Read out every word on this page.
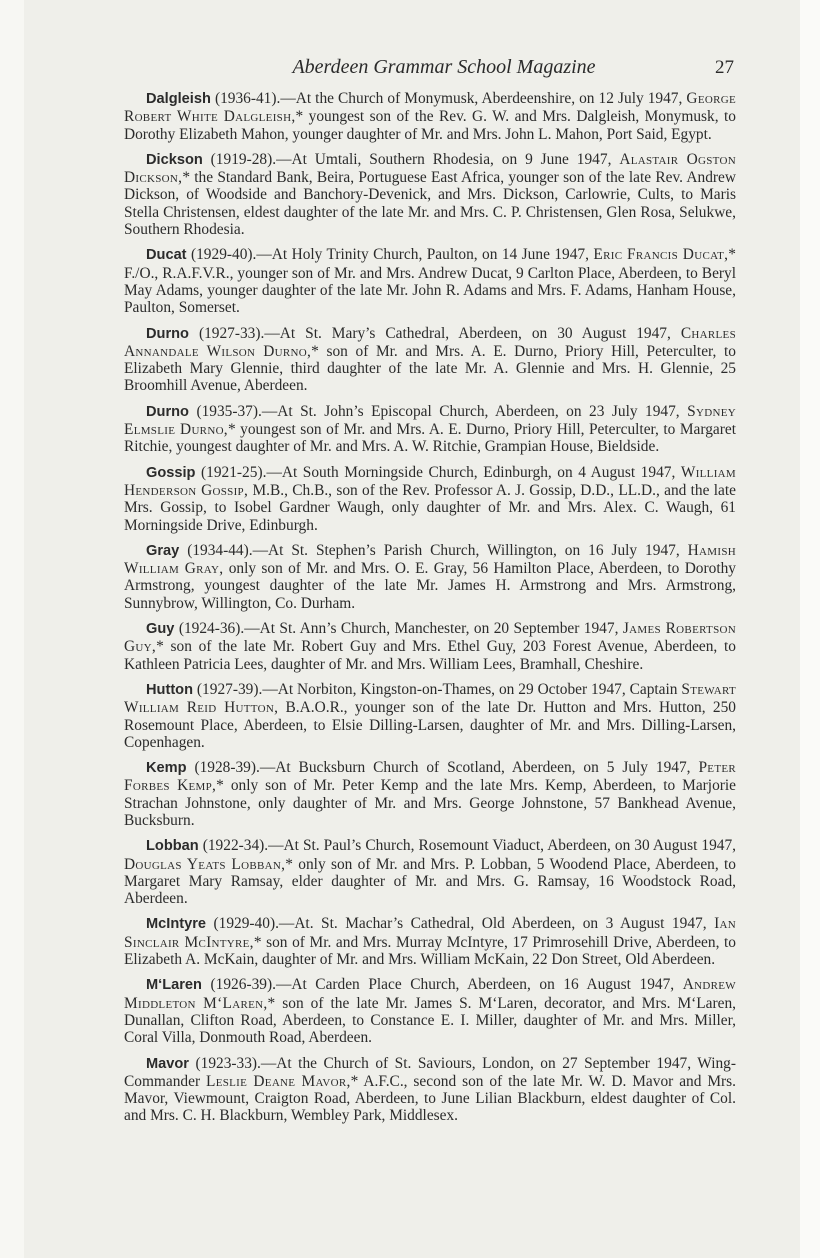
Aberdeen Grammar School Magazine	27

Dalgleish (1936-41).—At the Church of Monymusk, Aberdeenshire, on 12 July 1947, George Robert White Dalgleish,* youngest son of the Rev. G. W. and Mrs. Dalgleish, Monymusk, to Dorothy Elizabeth Mahon, younger daughter of Mr. and Mrs. John L. Mahon, Port Said, Egypt.

Dickson (1919-28).—At Umtali, Southern Rhodesia, on 9 June 1947, Alastair Ogston Dickson,* the Standard Bank, Beira, Portuguese East Africa, younger son of the late Rev. Andrew Dickson, of Woodside and Banchory-Devenick, and Mrs. Dickson, Carlowrie, Cults, to Maris Stella Christensen, eldest daughter of the late Mr. and Mrs. C. P. Christensen, Glen Rosa, Selukwe, Southern Rhodesia.

Ducat (1929-40).—At Holy Trinity Church, Paulton, on 14 June 1947, Eric Francis Ducat,* F./O., R.A.F.V.R., younger son of Mr. and Mrs. Andrew Ducat, 9 Carlton Place, Aberdeen, to Beryl May Adams, younger daughter of the late Mr. John R. Adams and Mrs. F. Adams, Hanham House, Paulton, Somerset.

Durno (1927-33).—At St. Mary’s Cathedral, Aberdeen, on 30 August 1947, Charles Annandale Wilson Durno,* son of Mr. and Mrs. A. E. Durno, Priory Hill, Peterculter, to Elizabeth Mary Glennie, third daughter of the late Mr. A. Glennie and Mrs. H. Glennie, 25 Broomhill Avenue, Aberdeen.

Durno (1935-37).—At St. John’s Episcopal Church, Aberdeen, on 23 July 1947, Sydney Elmslie Durno,* youngest son of Mr. and Mrs. A. E. Durno, Priory Hill, Peterculter, to Margaret Ritchie, youngest daughter of Mr. and Mrs. A. W. Ritchie, Grampian House, Bieldside.

Gossip (1921-25).—At South Morningside Church, Edinburgh, on 4 August 1947, William Henderson Gossip, M.B., Ch.B., son of the Rev. Professor A. J. Gossip, D.D., LL.D., and the late Mrs. Gossip, to Isobel Gardner Waugh, only daughter of Mr. and Mrs. Alex. C. Waugh, 61 Morningside Drive, Edinburgh.

Gray (1934-44).—At St. Stephen’s Parish Church, Willington, on 16 July 1947, Hamish William Gray, only son of Mr. and Mrs. O. E. Gray, 56 Hamilton Place, Aberdeen, to Dorothy Armstrong, youngest daughter of the late Mr. James H. Armstrong and Mrs. Armstrong, Sunnybrow, Willington, Co. Durham.

Guy (1924-36).—At St. Ann’s Church, Manchester, on 20 September 1947, James Robertson Guy,* son of the late Mr. Robert Guy and Mrs. Ethel Guy, 203 Forest Avenue, Aberdeen, to Kathleen Patricia Lees, daughter of Mr. and Mrs. William Lees, Bramhall, Cheshire.

Hutton (1927-39).—At Norbiton, Kingston-on-Thames, on 29 October 1947, Captain Stewart William Reid Hutton, B.A.O.R., younger son of the late Dr. Hutton and Mrs. Hutton, 250 Rosemount Place, Aberdeen, to Elsie Dilling-Larsen, daughter of Mr. and Mrs. Dilling-Larsen, Copenhagen.

Kemp (1928-39).—At Bucksburn Church of Scotland, Aberdeen, on 5 July 1947, Peter Forbes Kemp,* only son of Mr. Peter Kemp and the late Mrs. Kemp, Aberdeen, to Marjorie Strachan Johnstone, only daughter of Mr. and Mrs. George Johnstone, 57 Bankhead Avenue, Bucksburn.

Lobban (1922-34).—At St. Paul’s Church, Rosemount Viaduct, Aberdeen, on 30 August 1947, Douglas Yeats Lobban,* only son of Mr. and Mrs. P. Lobban, 5 Woodend Place, Aberdeen, to Margaret Mary Ramsay, elder daughter of Mr. and Mrs. G. Ramsay, 16 Woodstock Road, Aberdeen.

McIntyre (1929-40).—At. St. Machar’s Cathedral, Old Aberdeen, on 3 August 1947, Ian Sinclair McIntyre,* son of Mr. and Mrs. Murray McIntyre, 17 Primrosehill Drive, Aberdeen, to Elizabeth A. McKain, daughter of Mr. and Mrs. William McKain, 22 Don Street, Old Aberdeen.

M‘Laren (1926-39).—At Carden Place Church, Aberdeen, on 16 August 1947, Andrew Middleton M‘Laren,* son of the late Mr. James S. M‘Laren, decorator, and Mrs. M‘Laren, Dunallan, Clifton Road, Aberdeen, to Constance E. I. Miller, daughter of Mr. and Mrs. Miller, Coral Villa, Donmouth Road, Aberdeen.

Mavor (1923-33).—At the Church of St. Saviours, London, on 27 September 1947, Wing-Commander Leslie Deane Mavor,* A.F.C., second son of the late Mr. W. D. Mavor and Mrs. Mavor, Viewmount, Craigton Road, Aberdeen, to June Lilian Blackburn, eldest daughter of Col. and Mrs. C. H. Blackburn, Wembley Park, Middlesex.
